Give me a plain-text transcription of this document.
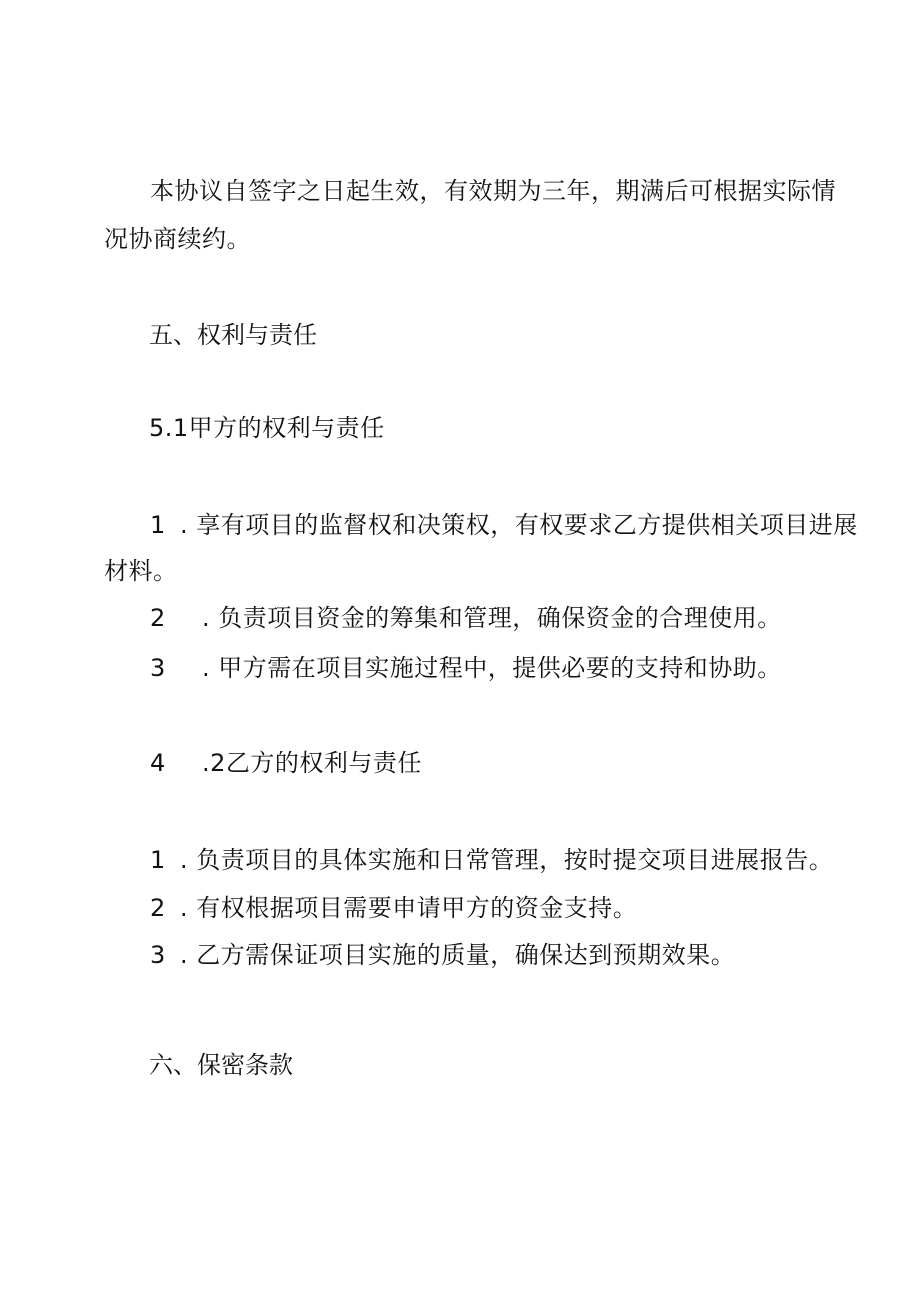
本协议自签字之日起生效，有效期为三年，期满后可根据实际情
况协商续约。
五、权利与责任
5.1甲方的权利与责任
1 . 享有项目的监督权和决策权，有权要求乙方提供相关项目进展
材料。
2 . 负责项目资金的筹集和管理，确保资金的合理使用。
3 . 甲方需在项目实施过程中，提供必要的支持和协助。
4 .2乙方的权利与责任
1 . 负责项目的具体实施和日常管理，按时提交项目进展报告。
2 . 有权根据项目需要申请甲方的资金支持。
3 . 乙方需保证项目实施的质量，确保达到预期效果。
六、保密条款
